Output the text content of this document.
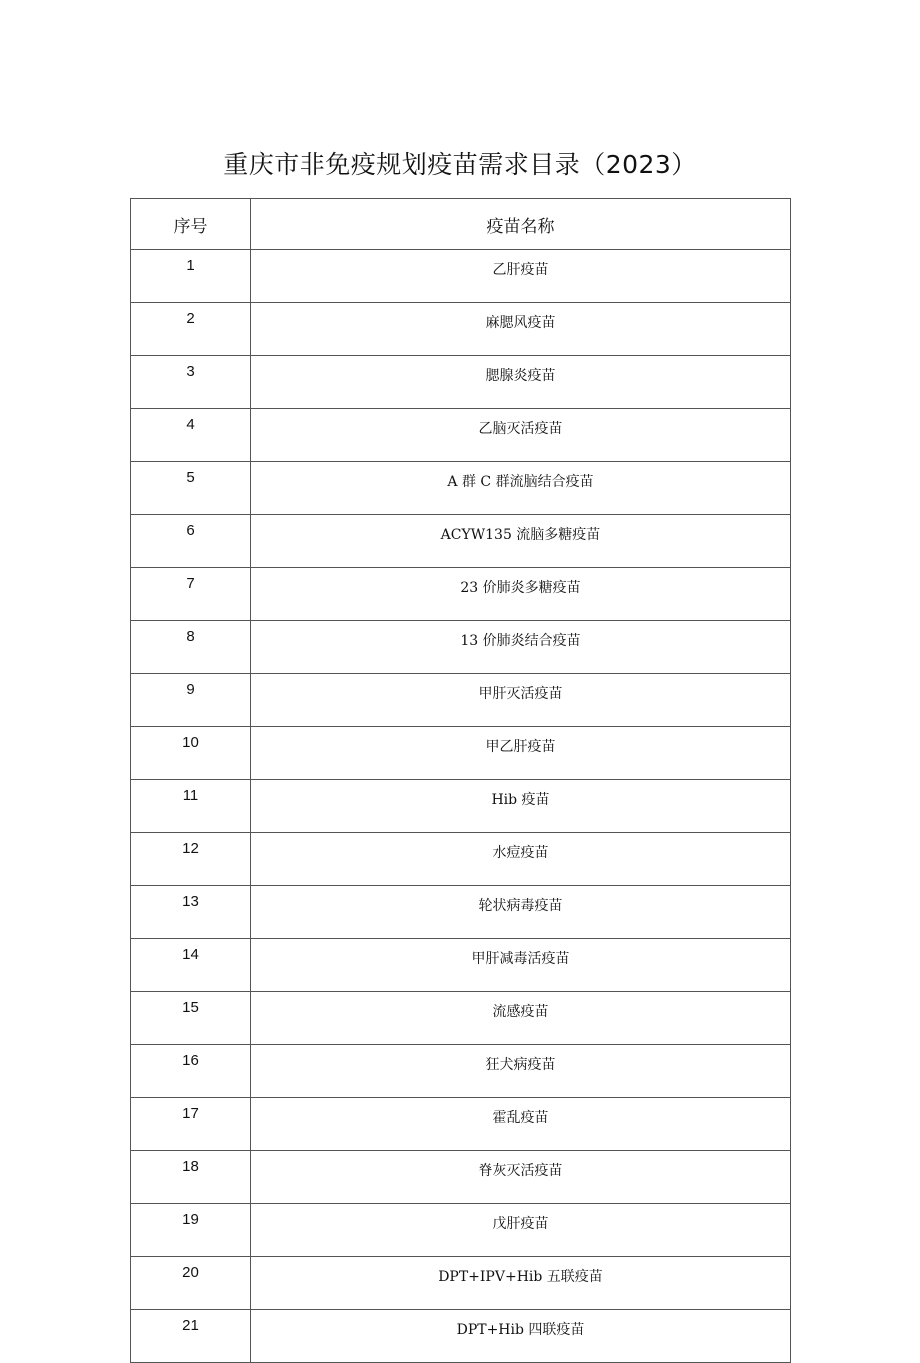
重庆市非免疫规划疫苗需求目录（2023）
序号	疫苗名称
1	乙肝疫苗
2	麻腮风疫苗
3	腮腺炎疫苗
4	乙脑灭活疫苗
5	A 群 C 群流脑结合疫苗
6	ACYW135 流脑多糖疫苗
7	23 价肺炎多糖疫苗
8	13 价肺炎结合疫苗
9	甲肝灭活疫苗
10	甲乙肝疫苗
11	Hib 疫苗
12	水痘疫苗
13	轮状病毒疫苗
14	甲肝减毒活疫苗
15	流感疫苗
16	狂犬病疫苗
17	霍乱疫苗
18	脊灰灭活疫苗
19	戊肝疫苗
20	DPT+IPV+Hib 五联疫苗
21	DPT+Hib 四联疫苗
